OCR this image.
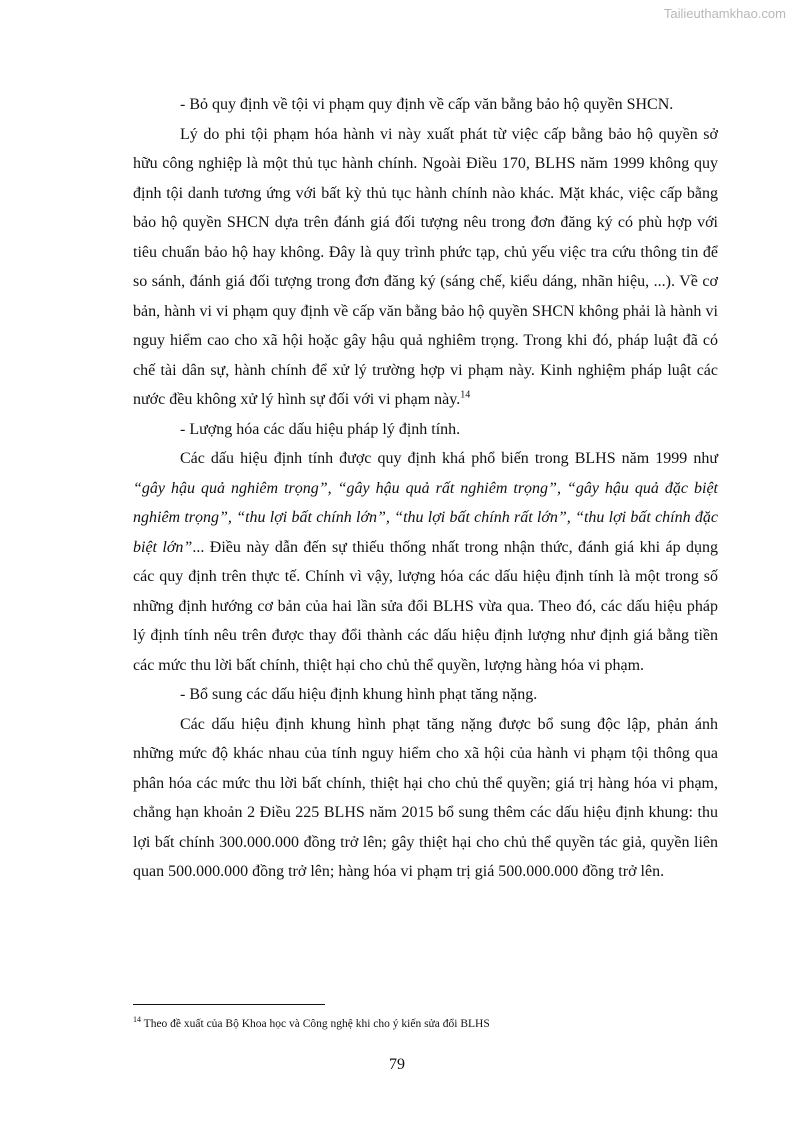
Tailieuthamkhao.com

- Bỏ quy định về tội vi phạm quy định về cấp văn bằng bảo hộ quyền SHCN.

Lý do phi tội phạm hóa hành vi này xuất phát từ việc cấp bằng bảo hộ quyền sở hữu công nghiệp là một thủ tục hành chính. Ngoài Điều 170, BLHS năm 1999 không quy định tội danh tương ứng với bất kỳ thủ tục hành chính nào khác. Mặt khác, việc cấp bằng bảo hộ quyền SHCN dựa trên đánh giá đối tượng nêu trong đơn đăng ký có phù hợp với tiêu chuẩn bảo hộ hay không. Đây là quy trình phức tạp, chủ yếu việc tra cứu thông tin để so sánh, đánh giá đối tượng trong đơn đăng ký (sáng chế, kiểu dáng, nhãn hiệu, ...). Về cơ bản, hành vi vi phạm quy định về cấp văn bằng bảo hộ quyền SHCN không phải là hành vi nguy hiểm cao cho xã hội hoặc gây hậu quả nghiêm trọng. Trong khi đó, pháp luật đã có chế tài dân sự, hành chính để xử lý trường hợp vi phạm này. Kinh nghiệm pháp luật các nước đều không xử lý hình sự đối với vi phạm này.$^{14}$

- Lượng hóa các dấu hiệu pháp lý định tính.

Các dấu hiệu định tính được quy định khá phổ biến trong BLHS năm 1999 như “gây hậu quả nghiêm trọng”, “gây hậu quả rất nghiêm trọng”, “gây hậu quả đặc biệt nghiêm trọng”, “thu lợi bất chính lớn”, “thu lợi bất chính rất lớn”, “thu lợi bất chính đặc biệt lớn”... Điều này dẫn đến sự thiếu thống nhất trong nhận thức, đánh giá khi áp dụng các quy định trên thực tế. Chính vì vậy, lượng hóa các dấu hiệu định tính là một trong số những định hướng cơ bản của hai lần sửa đổi BLHS vừa qua. Theo đó, các dấu hiệu pháp lý định tính nêu trên được thay đổi thành các dấu hiệu định lượng như định giá bằng tiền các mức thu lời bất chính, thiệt hại cho chủ thể quyền, lượng hàng hóa vi phạm.

- Bổ sung các dấu hiệu định khung hình phạt tăng nặng.

Các dấu hiệu định khung hình phạt tăng nặng được bổ sung độc lập, phản ánh những mức độ khác nhau của tính nguy hiểm cho xã hội của hành vi phạm tội thông qua phân hóa các mức thu lời bất chính, thiệt hại cho chủ thể quyền; giá trị hàng hóa vi phạm, chẳng hạn khoản 2 Điều 225 BLHS năm 2015 bổ sung thêm các dấu hiệu định khung: thu lợi bất chính 300.000.000 đồng trở lên; gây thiệt hại cho chủ thể quyền tác giả, quyền liên quan 500.000.000 đồng trở lên; hàng hóa vi phạm trị giá 500.000.000 đồng trở lên.

$^{14}$ Theo đề xuất của Bộ Khoa học và Công nghệ khi cho ý kiến sửa đổi BLHS
79
